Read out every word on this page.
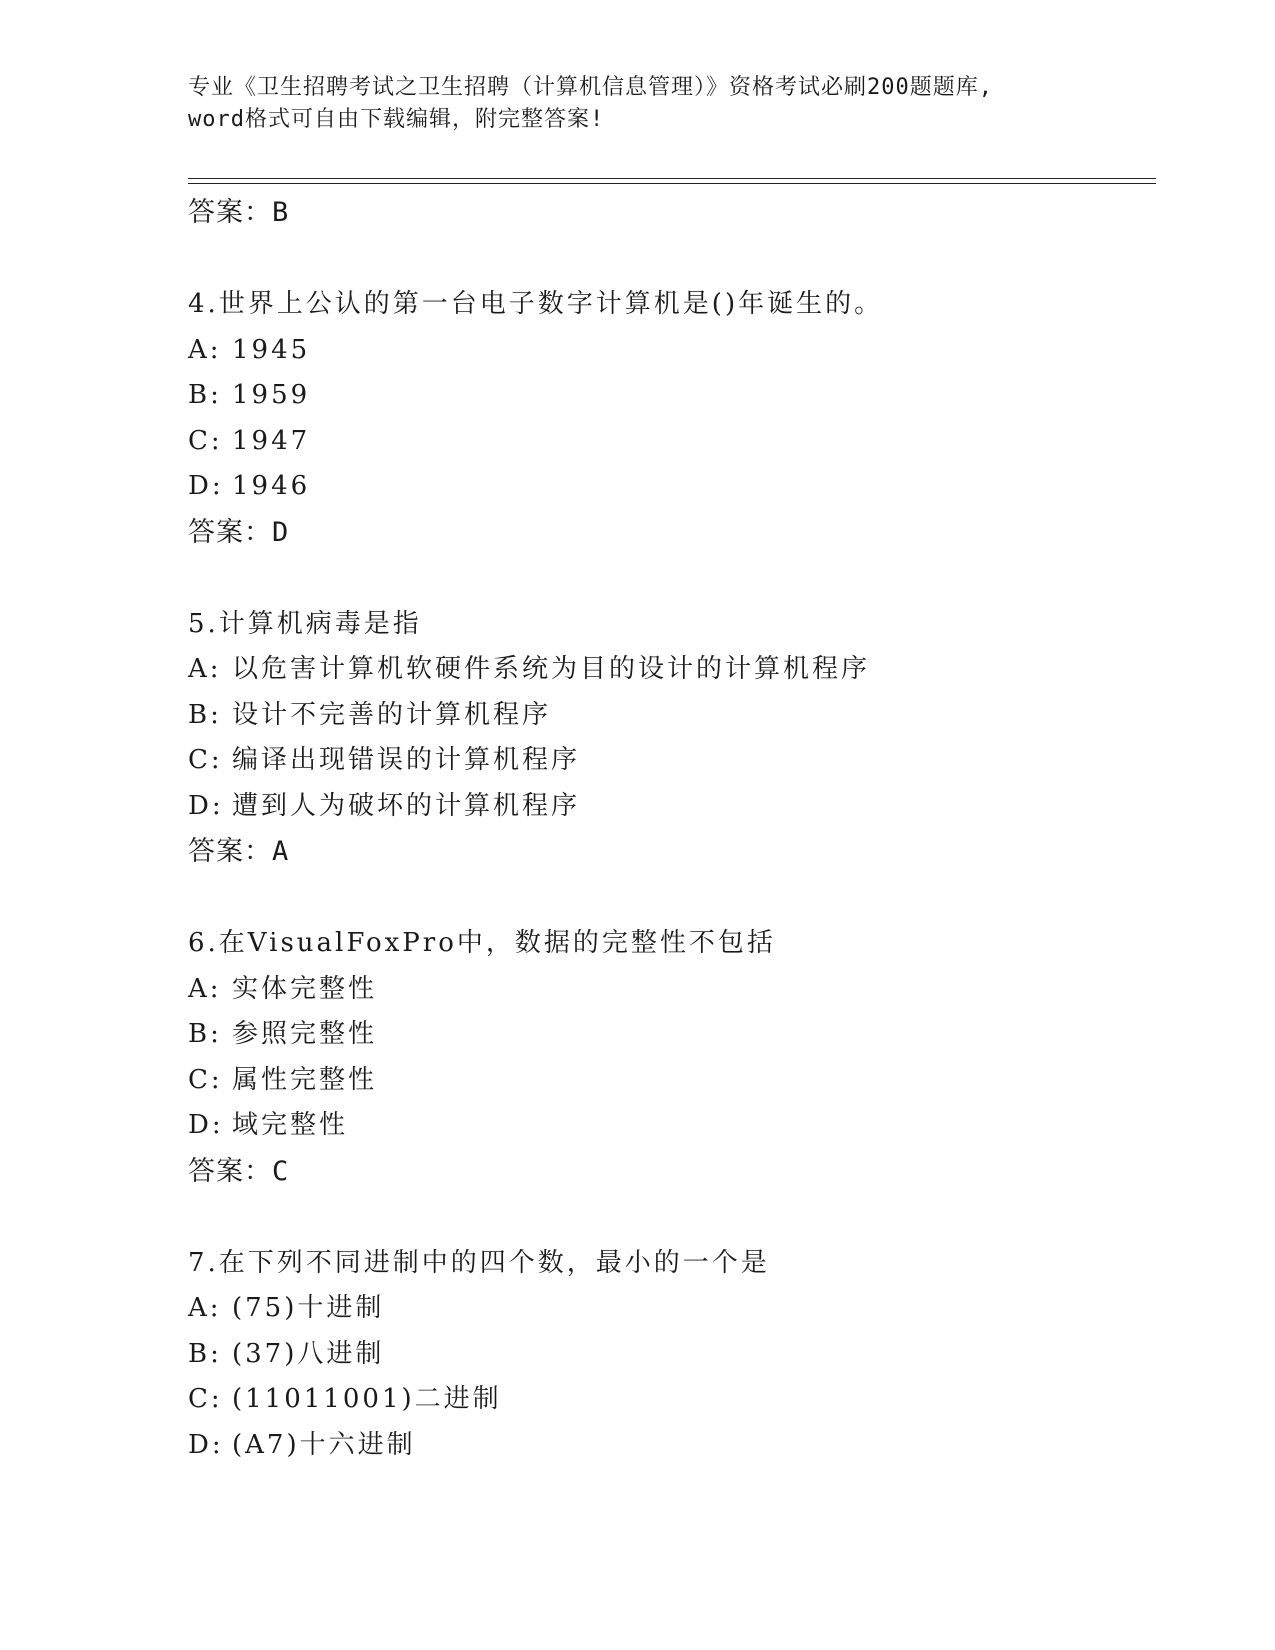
专业《卫生招聘考试之卫生招聘（计算机信息管理）》资格考试必刷200题题库,
word格式可自由下载编辑，附完整答案!
答案：B
4.世界上公认的第一台电子数字计算机是()年诞生的。
A: 1945
B: 1959
C: 1947
D: 1946
答案：D
5.计算机病毒是指
A: 以危害计算机软硬件系统为目的设计的计算机程序
B: 设计不完善的计算机程序
C: 编译出现错误的计算机程序
D: 遭到人为破坏的计算机程序
答案：A
6.在VisualFoxPro中，数据的完整性不包括
A: 实体完整性
B: 参照完整性
C: 属性完整性
D: 域完整性
答案：C
7.在下列不同进制中的四个数，最小的一个是
A: (75)十进制
B: (37)八进制
C: (11011001)二进制
D: (A7)十六进制
